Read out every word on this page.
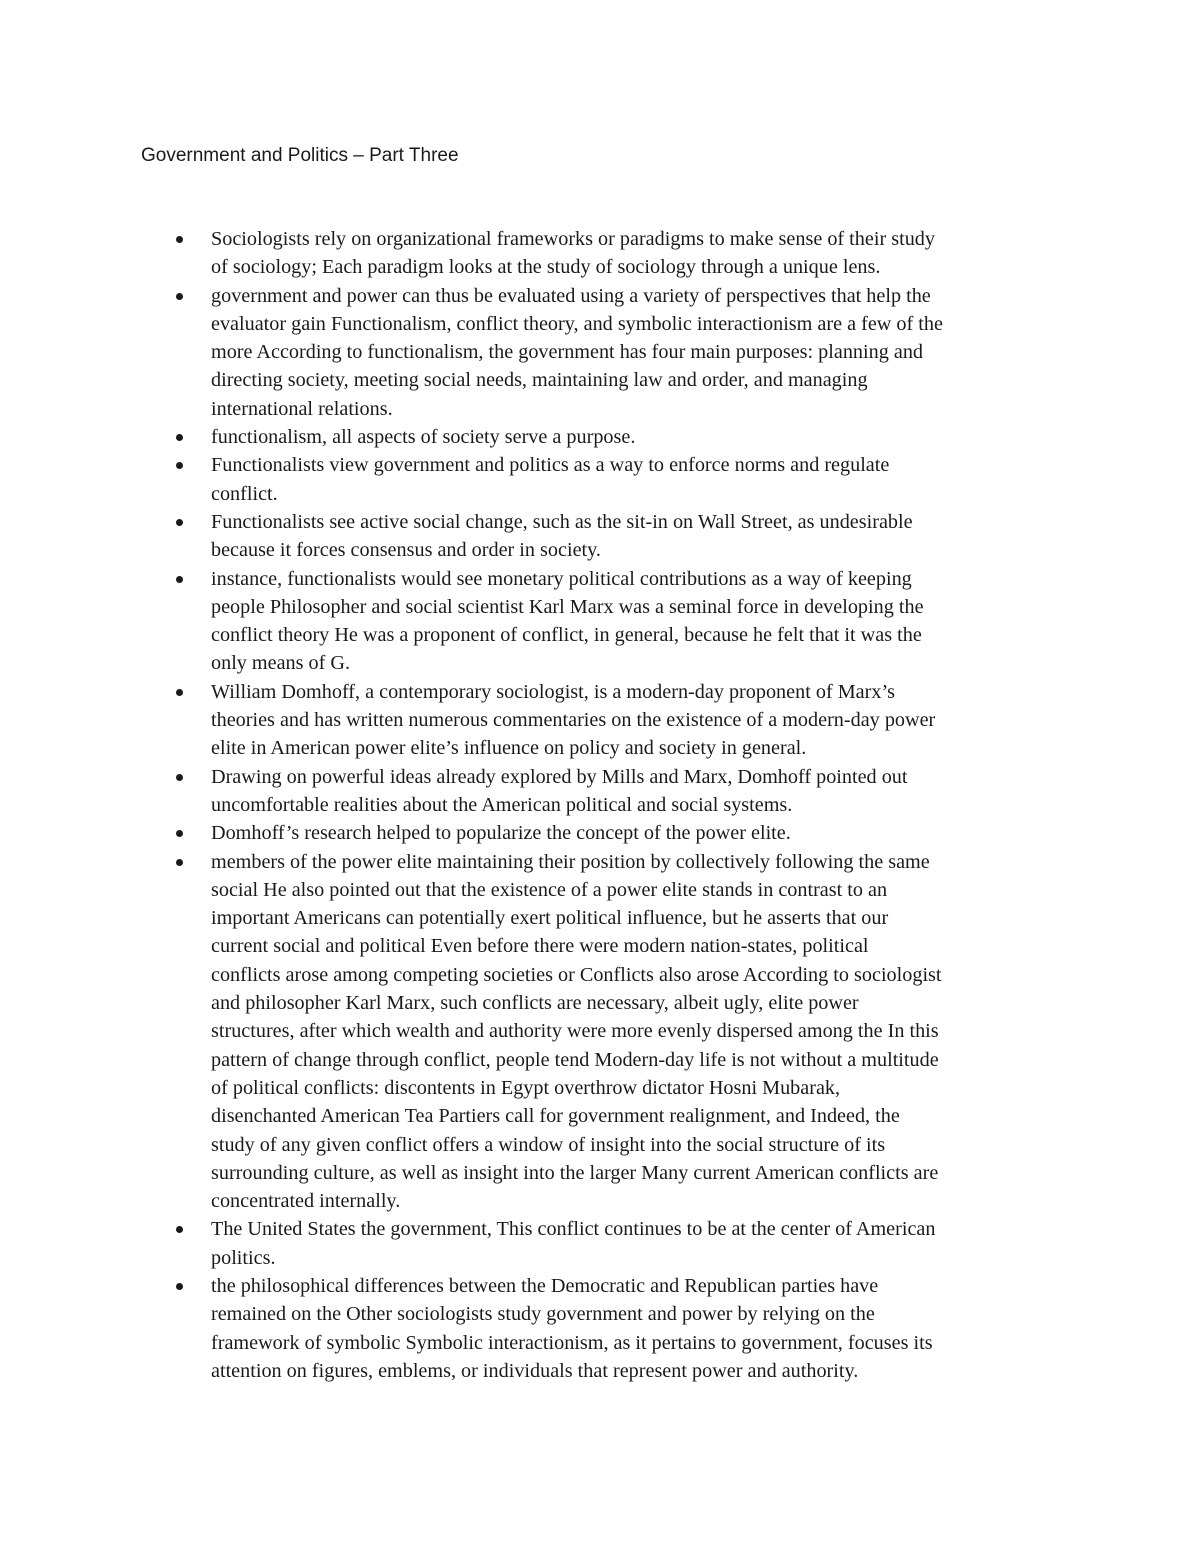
Government and Politics – Part Three
Sociologists rely on organizational frameworks or paradigms to make sense of their study
of sociology; Each paradigm looks at the study of sociology through a unique lens.
government and power can thus be evaluated using a variety of perspectives that help the
evaluator gain Functionalism, conflict theory, and symbolic interactionism are a few of the
more According to functionalism, the government has four main purposes: planning and
directing society, meeting social needs, maintaining law and order, and managing
international relations.
functionalism, all aspects of society serve a purpose.
Functionalists view government and politics as a way to enforce norms and regulate
conflict.
Functionalists see active social change, such as the sit-in on Wall Street, as undesirable
because it forces consensus and order in society.
instance, functionalists would see monetary political contributions as a way of keeping
people Philosopher and social scientist Karl Marx was a seminal force in developing the
conflict theory He was a proponent of conflict, in general, because he felt that it was the
only means of G.
William Domhoff, a contemporary sociologist, is a modern-day proponent of Marx’s
theories and has written numerous commentaries on the existence of a modern-day power
elite in American power elite’s influence on policy and society in general.
Drawing on powerful ideas already explored by Mills and Marx, Domhoff pointed out
uncomfortable realities about the American political and social systems.
Domhoff’s research helped to popularize the concept of the power elite.
members of the power elite maintaining their position by collectively following the same
social He also pointed out that the existence of a power elite stands in contrast to an
important Americans can potentially exert political influence, but he asserts that our
current social and political Even before there were modern nation-states, political
conflicts arose among competing societies or Conflicts also arose According to sociologist
and philosopher Karl Marx, such conflicts are necessary, albeit ugly, elite power
structures, after which wealth and authority were more evenly dispersed among the In this
pattern of change through conflict, people tend Modern-day life is not without a multitude
of political conflicts: discontents in Egypt overthrow dictator Hosni Mubarak,
disenchanted American Tea Partiers call for government realignment, and Indeed, the
study of any given conflict offers a window of insight into the social structure of its
surrounding culture, as well as insight into the larger Many current American conflicts are
concentrated internally.
The United States the government, This conflict continues to be at the center of American
politics.
the philosophical differences between the Democratic and Republican parties have
remained on the Other sociologists study government and power by relying on the
framework of symbolic Symbolic interactionism, as it pertains to government, focuses its
attention on figures, emblems, or individuals that represent power and authority.
